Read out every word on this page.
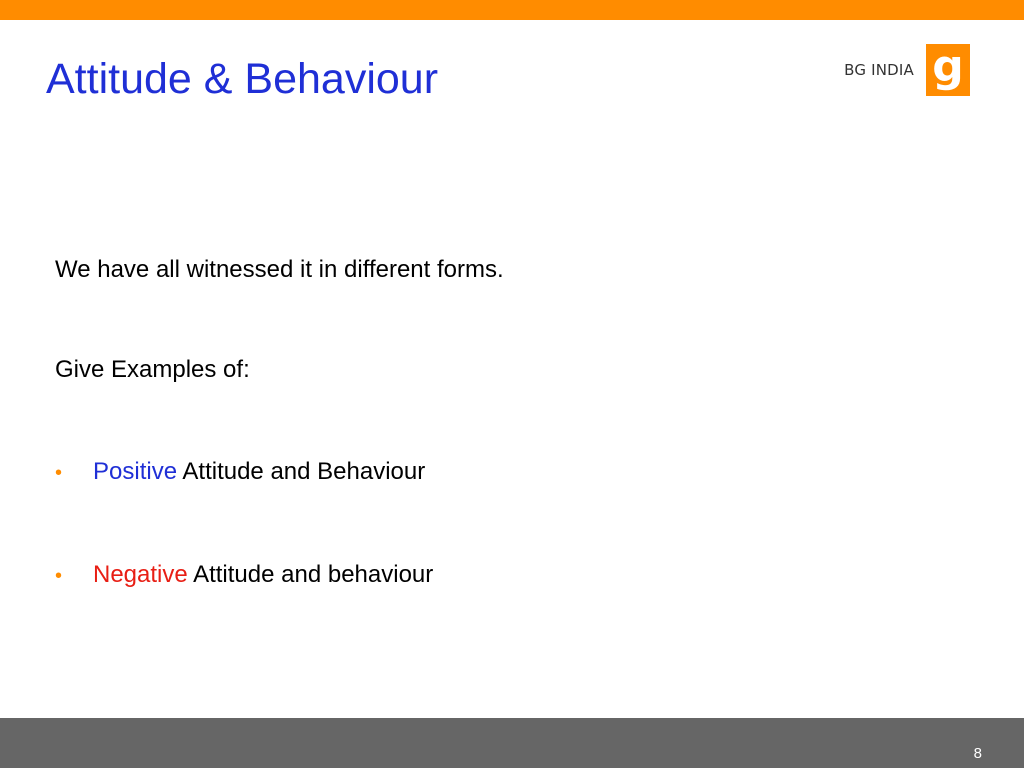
Attitude & Behaviour	BG INDIA g

We have all witnessed it in different forms.

Give Examples of:

• Positive Attitude and Behaviour
• Negative Attitude and behaviour
8
